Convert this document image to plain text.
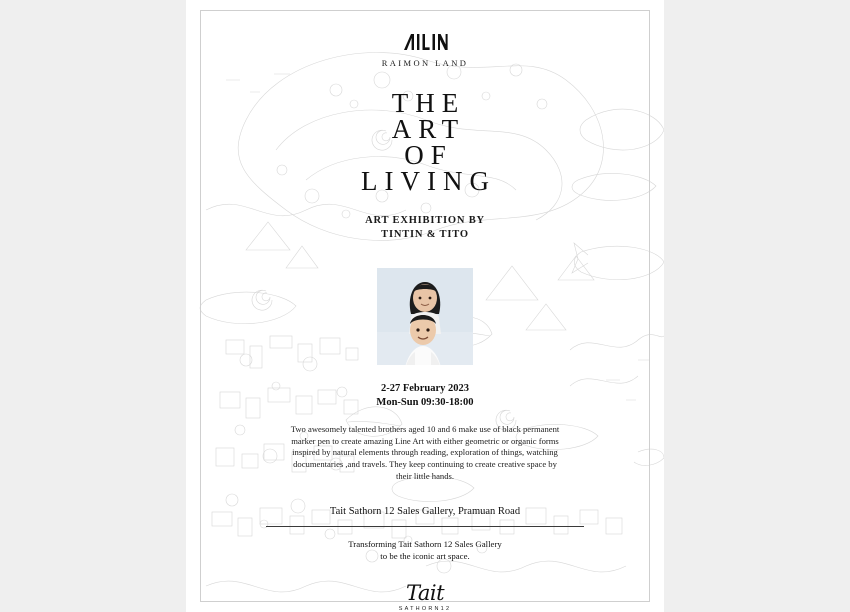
RAIMON LAND
THE
ART
OF
LIVING
ART EXHIBITION BY
TINTIN & TITO
2-27 February 2023
Mon-Sun 09:30-18:00
Two awesomely talented brothers aged 10 and 6 make use of black permanent marker pen to create amazing Line Art with either geometric or organic forms inspired by natural elements through reading, exploration of things, watching documentaries ,and travels. They keep continuing to create creative space by their little hands.
Tait Sathorn 12 Sales Gallery, Pramuan Road
Transforming Tait Sathorn 12 Sales Gallery
to be the iconic art space.
Tait
SATHORN12
